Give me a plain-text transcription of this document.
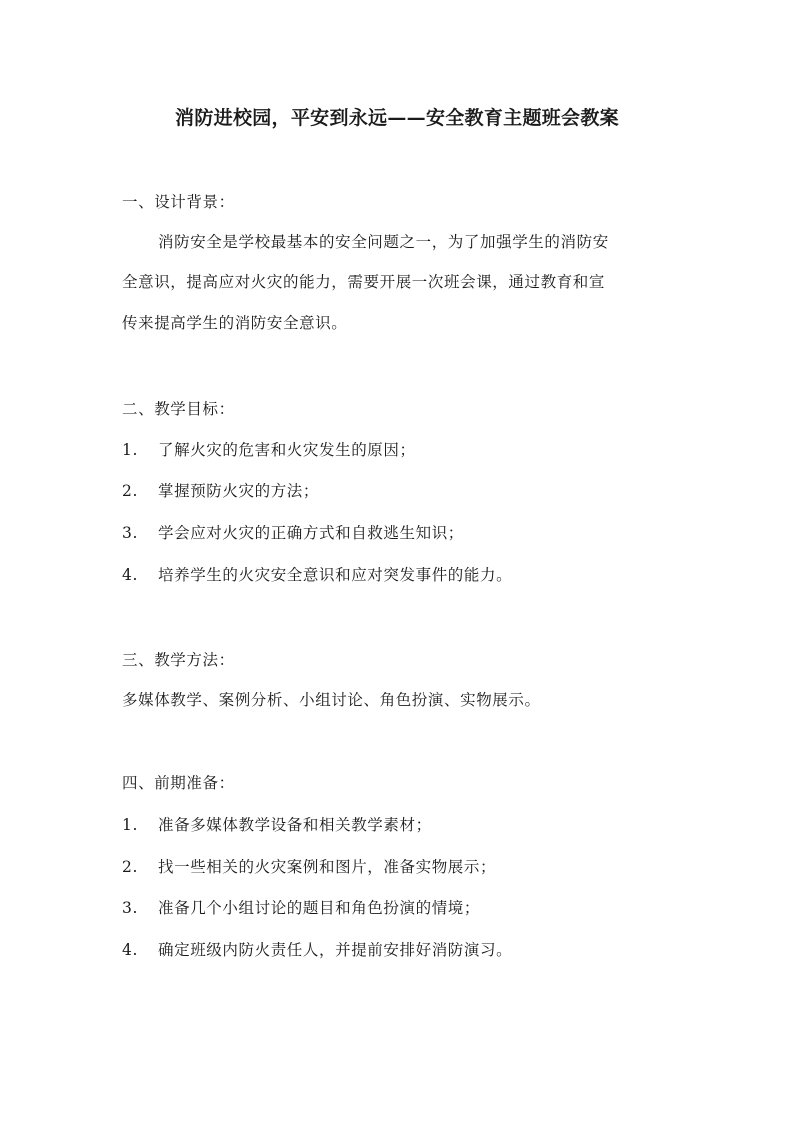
消防进校园，平安到永远——安全教育主题班会教案
一、设计背景：
消防安全是学校最基本的安全问题之一，为了加强学生的消防安
全意识，提高应对火灾的能力，需要开展一次班会课，通过教育和宣
传来提高学生的消防安全意识。
二、教学目标：
1. 了解火灾的危害和火灾发生的原因；
2. 掌握预防火灾的方法；
3. 学会应对火灾的正确方式和自救逃生知识；
4. 培养学生的火灾安全意识和应对突发事件的能力。
三、教学方法：
多媒体教学、案例分析、小组讨论、角色扮演、实物展示。
四、前期准备：
1. 准备多媒体教学设备和相关教学素材；
2. 找一些相关的火灾案例和图片，准备实物展示；
3. 准备几个小组讨论的题目和角色扮演的情境；
4. 确定班级内防火责任人，并提前安排好消防演习。
